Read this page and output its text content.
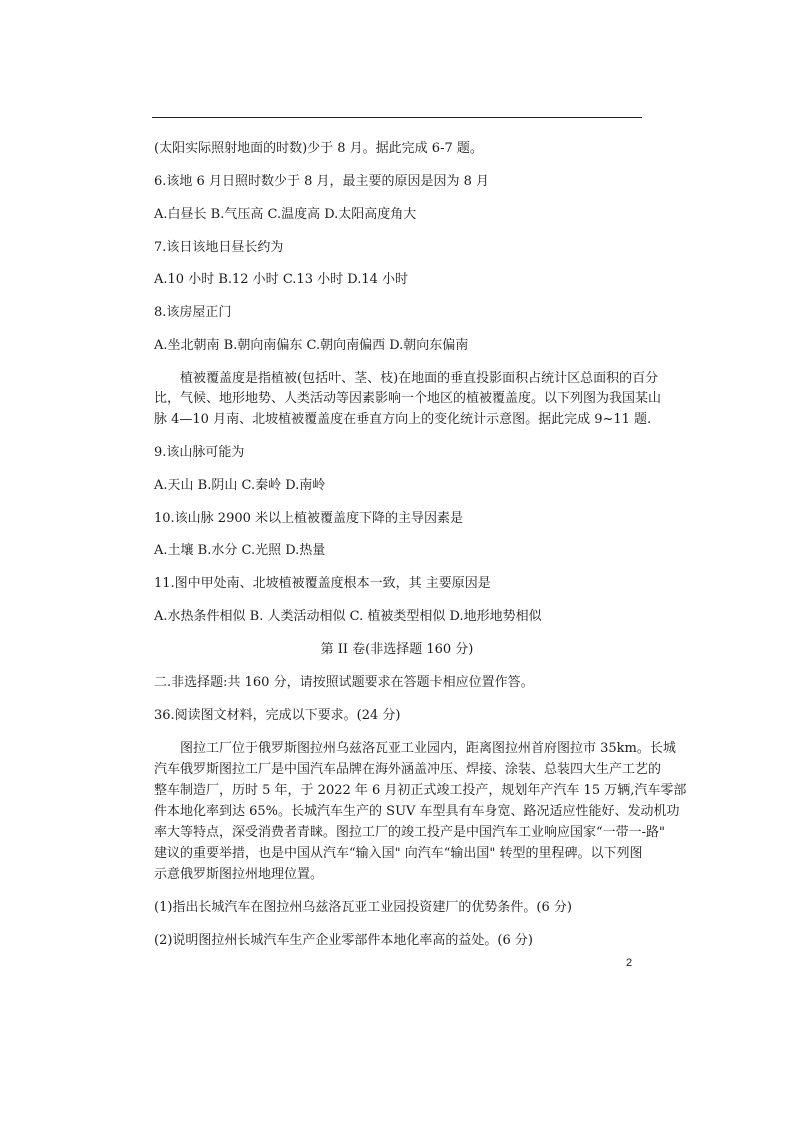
(太阳实际照射地面的时数)少于 8 月。据此完成 6-7 题。
6.该地 6 月日照时数少于 8 月，最主要的原因是因为 8 月
A.白昼长 B.气压高 C.温度高 D.太阳高度角大
7.该日该地日昼长约为
A.10 小时 B.12 小时 C.13 小时 D.14 小时
8.该房屋正门
A.坐北朝南 B.朝向南偏东 C.朝向南偏西 D.朝向东偏南
植被覆盖度是指植被(包括叶、茎、枝)在地面的垂直投影面积占统计区总面积的百分
比，气候、地形地势、人类活动等因素影响一个地区的植被覆盖度。以下列图为我国某山
脉 4—10 月南、北坡植被覆盖度在垂直方向上的变化统计示意图。据此完成 9~11 题.
9.该山脉可能为
A.天山 B.阴山 C.秦岭 D.南岭
10.该山脉 2900 米以上植被覆盖度下降的主导因素是
A.土壤 B.水分 C.光照 D.热量
11.图中甲处南、北坡植被覆盖度根本一致，其 主要原因是
A.水热条件相似 B. 人类活动相似 C. 植被类型相似 D.地形地势相似
第 II 卷(非选择题 160 分)
二.非选择题:共 160 分，请按照试题要求在答题卡相应位置作答。
36.阅读图文材料，完成以下要求。(24 分)
图拉工厂位于俄罗斯图拉州乌兹洛瓦亚工业园内，距离图拉州首府图拉市 35km。长城
汽车俄罗斯图拉工厂是中国汽车品牌在海外涵盖冲压、焊接、涂装、总装四大生产工艺的
整车制造厂，历时 5 年，于 2022 年 6 月初正式竣工投产，规划年产汽车 15 万辆,汽车零部
件本地化率到达 65%。长城汽车生产的 SUV 车型具有车身宽、路况适应性能好、发动机功
率大等特点，深受消费者青睐。图拉工厂的竣工投产是中国汽车工业响应国家“一带一-路"
建议的重要举措，也是中国从汽车“输入国" 向汽车“输出国" 转型的里程碑。以下列图
示意俄罗斯图拉州地理位置。
(1)指出长城汽车在图拉州乌兹洛瓦亚工业园投资建厂的优势条件。(6 分)
(2)说明图拉州长城汽车生产企业零部件本地化率高的益处。(6 分)
2
